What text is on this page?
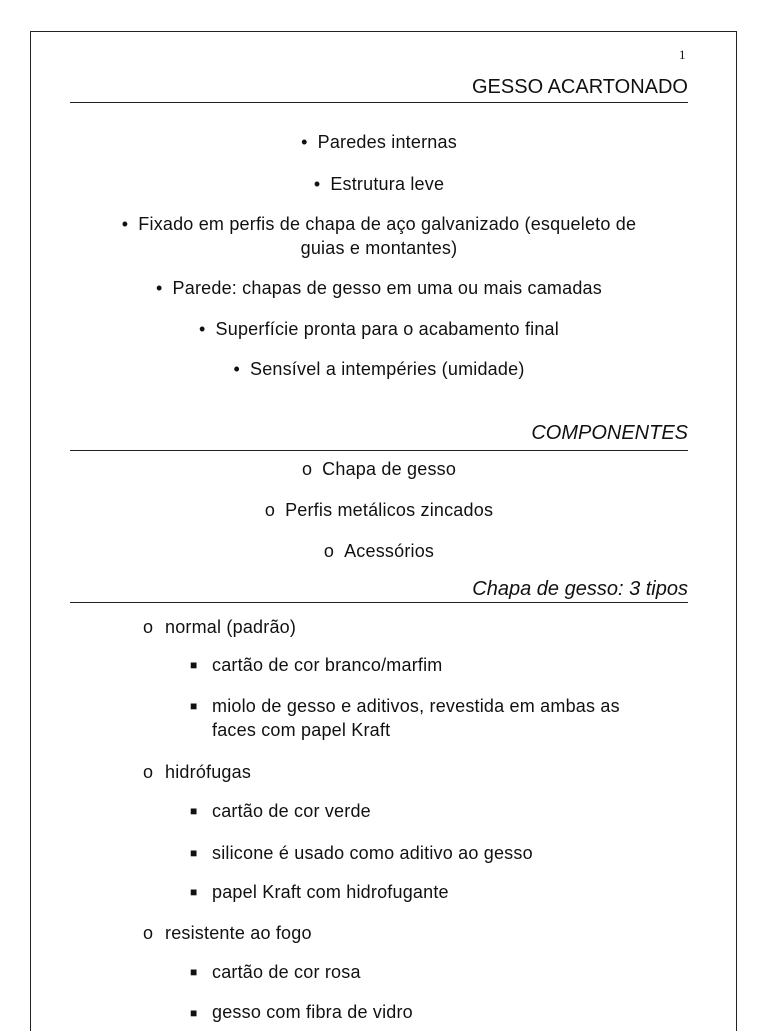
1
GESSO ACARTONADO
• Paredes internas
• Estrutura leve
• Fixado em perfis de chapa de aço galvanizado (esqueleto de
guias e montantes)
• Parede: chapas de gesso em uma ou mais camadas
• Superfície pronta para o acabamento final
• Sensível a intempéries (umidade)
COMPONENTES
o Chapa de gesso
o Perfis metálicos zincados
o Acessórios
Chapa de gesso: 3 tipos
o normal (padrão)
■ cartão de cor branco/marfim
■ miolo de gesso e aditivos, revestida em ambas as
faces com papel Kraft
o hidrófugas
■ cartão de cor verde
■ silicone é usado como aditivo ao gesso
■ papel Kraft com hidrofugante
o resistente ao fogo
■ cartão de cor rosa
■ gesso com fibra de vidro
